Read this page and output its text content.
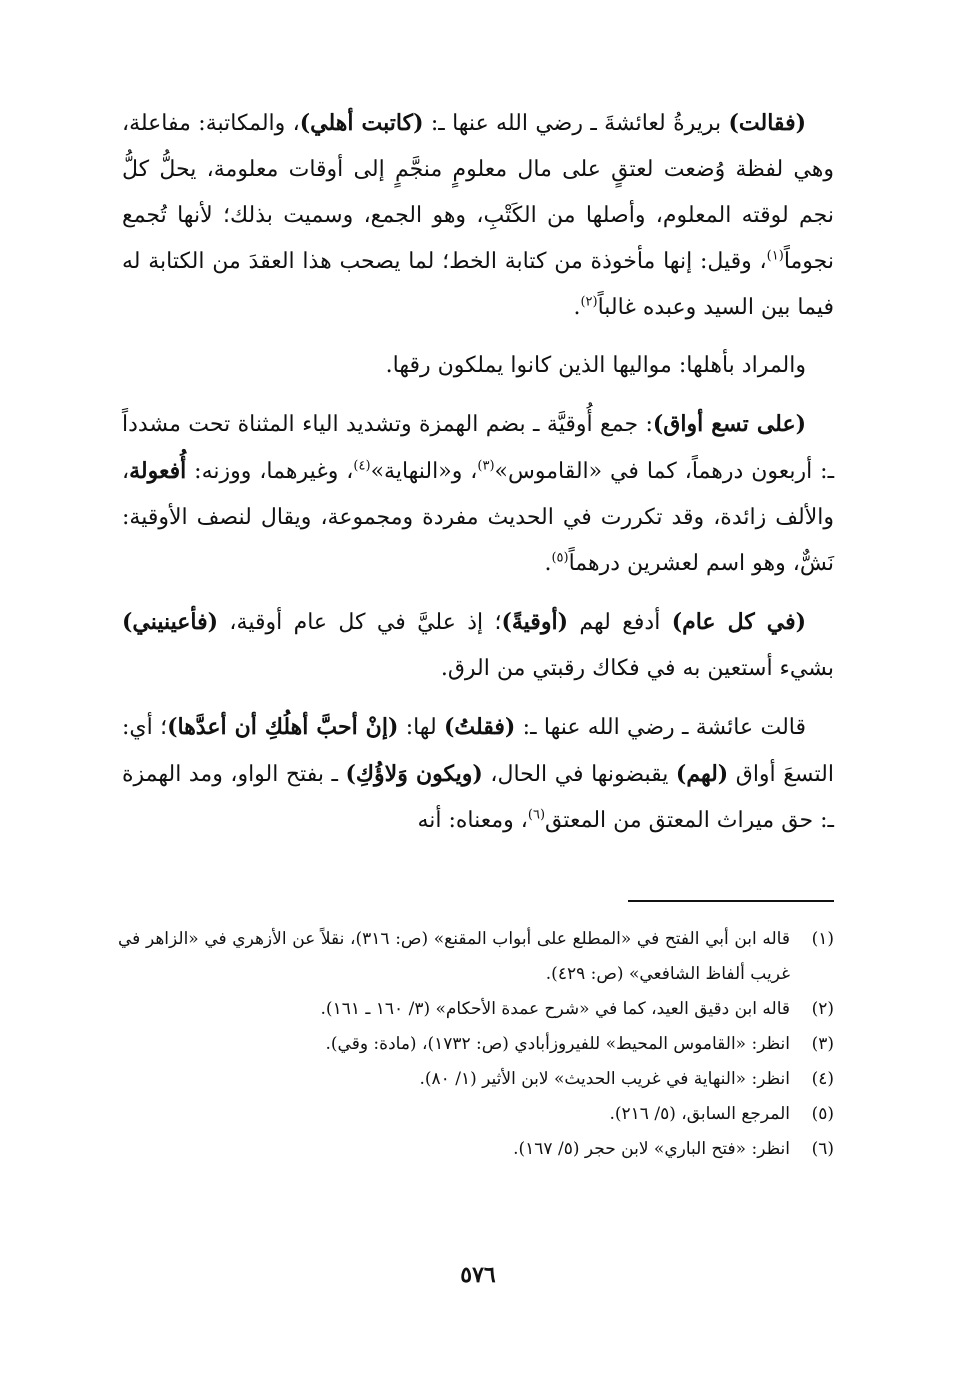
(فقالت) بريرةُ لعائشةَ ـ رضي الله عنها ـ: (كاتبت أهلي)، والمكاتبة: مفاعلة، وهي لفظة وُضعت لعتقٍ على مال معلومٍ منجَّمٍ إلى أوقات معلومة، يحلُّ كلُّ نجم لوقته المعلوم، وأصلها من الكَتْبِ، وهو الجمع، وسميت بذلك؛ لأنها تُجمع نجوماً$^{(١)}$، وقيل: إنها مأخوذة من كتابة الخط؛ لما يصحب هذا العقدَ من الكتابة له فيما بين السيد وعبده غالباً$^{(٢)}$.

والمراد بأهلها: مواليها الذين كانوا يملكون رقها.

(على تسع أواق): جمع أُوقيَّة ـ بضم الهمزة وتشديد الياء المثناة تحت مشدداً ـ: أربعون درهماً، كما في «القاموس»$^{(٣)}$، و«النهاية»$^{(٤)}$، وغيرهما، ووزنه: أُفعولة، والألف زائدة، وقد تكررت في الحديث مفردة ومجموعة، ويقال لنصف الأوقية: نَشٌّ، وهو اسم لعشرين درهماً$^{(٥)}$.

(في كل عام) أدفع لهم (أوقيةً)؛ إذ عليَّ في كل عام أوقية، (فأعينيني) بشيء أستعين به في فكاك رقبتي من الرق.

قالت عائشة ـ رضي الله عنها ـ: (فقلتُ) لها: (إنْ أحبَّ أهلُكِ أن أعدَّها)؛ أي: التسعَ أواق (لهم) يقبضونها في الحال، (ويكون وَلاؤُكِ) ـ بفتح الواو، ومد الهمزة ـ: حق ميراث المعتق من المعتق$^{(٦)}$، ومعناه: أنه

(١)
قاله ابن أبي الفتح في «المطلع على أبواب المقنع» (ص: ٣١٦)، نقلاً عن الأزهري في «الزاهر في غريب ألفاظ الشافعي» (ص: ٤٢٩).
(٢)
قاله ابن دقيق العيد، كما في «شرح عمدة الأحكام» (٣/ ١٦٠ ـ ١٦١).
(٣)
انظر: «القاموس المحيط» للفيروزأبادي (ص: ١٧٣٢)، (مادة: وقي).
(٤)
انظر: «النهاية في غريب الحديث» لابن الأثير (١/ ٨٠).
(٥)
المرجع السابق، (٥/ ٢١٦).
(٦)
انظر: «فتح الباري» لابن حجر (٥/ ١٦٧).
٥٧٦
